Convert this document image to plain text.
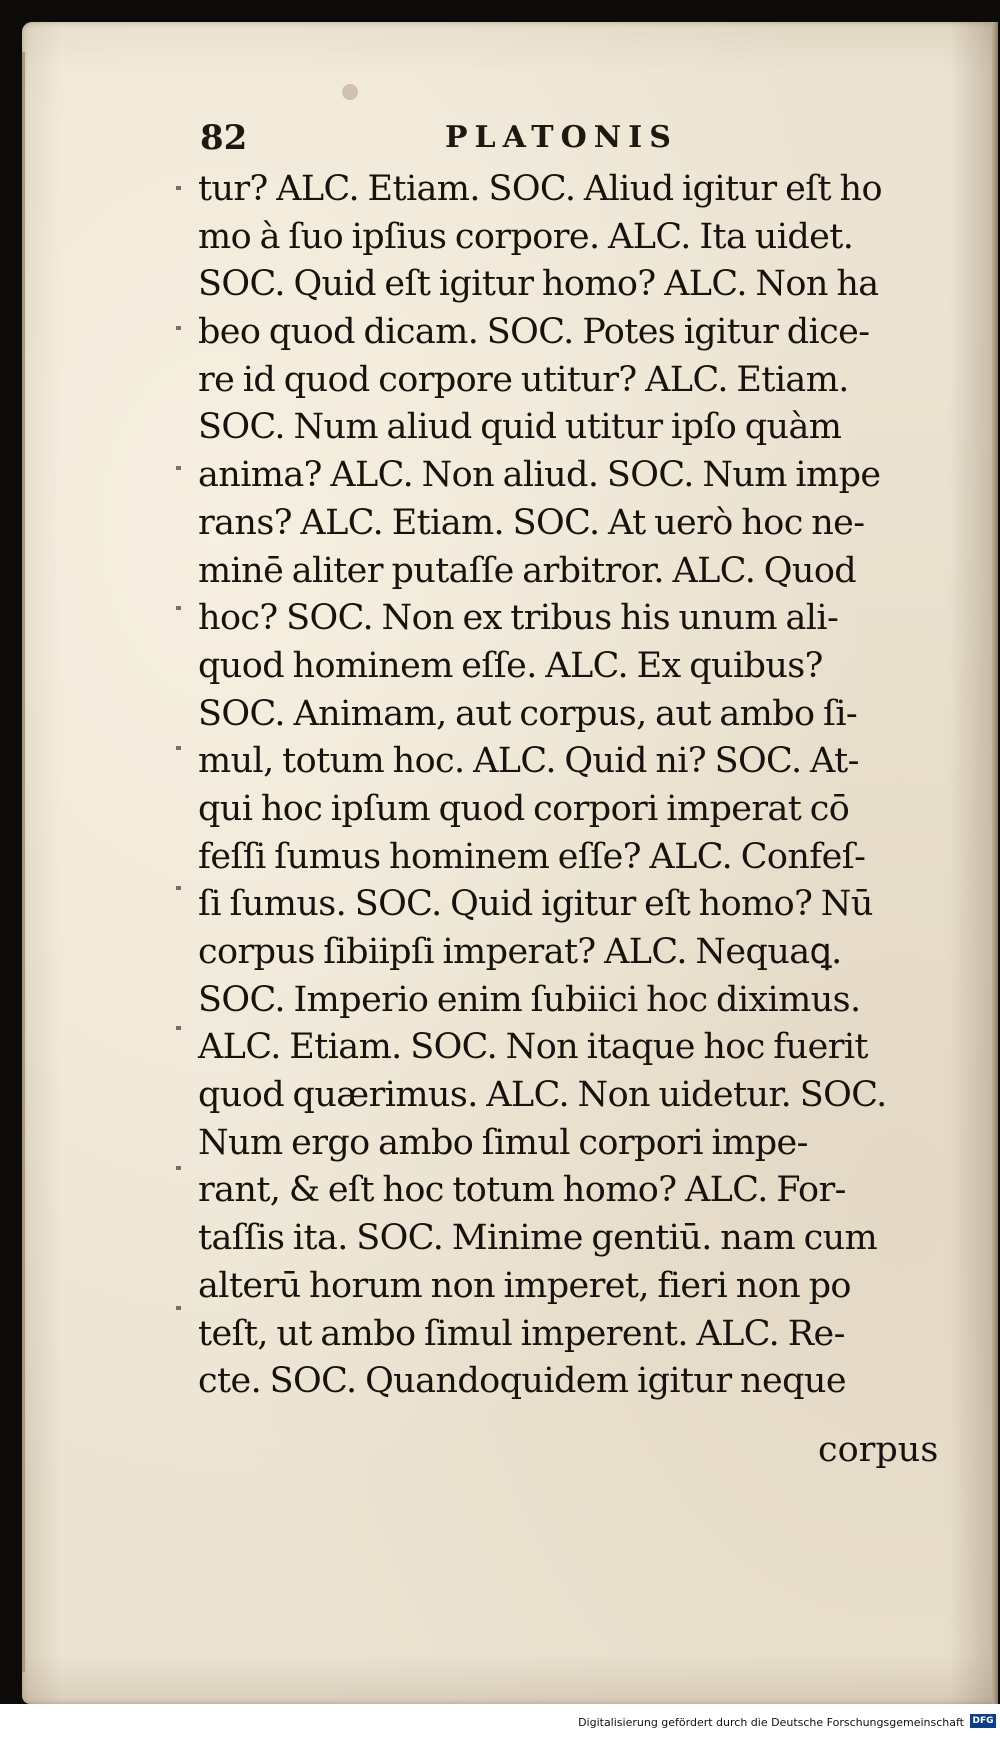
82	PLATONIS
tur? ALC. Etiam. SOC. Aliud igitur eſt ho
mo à ſuo ipſius corpore. ALC. Ita uidet.
SOC. Quid eſt igitur homo? ALC. Non ha
beo quod dicam. SOC. Potes igitur dice-
re id quod corpore utitur? ALC. Etiam.
SOC. Num aliud quid utitur ipſo quàm
anima? ALC. Non aliud. SOC. Num impe
rans? ALC. Etiam. SOC. At uerò hoc ne-
minē aliter putaſſe arbitror. ALC. Quod
hoc? SOC. Non ex tribus his unum ali-
quod hominem eſſe. ALC. Ex quibus?
SOC. Animam, aut corpus, aut ambo ſi-
mul, totum hoc. ALC. Quid ni? SOC. At-
qui hoc ipſum quod corpori imperat cō
feſſi ſumus hominem eſſe? ALC. Confeſ-
ſi ſumus. SOC. Quid igitur eſt homo? Nū
corpus ſibiipſi imperat? ALC. Nequaꝗ.
SOC. Imperio enim ſubiici hoc diximus.
ALC. Etiam. SOC. Non itaque hoc fuerit
quod quærimus. ALC. Non uidetur. SOC.
Num ergo ambo ſimul corpori impe-
rant, & eſt hoc totum homo? ALC. For-
taſſis ita. SOC. Minime gentiū. nam cum
alterū horum non imperet, fieri non po
teſt, ut ambo ſimul imperent. ALC. Re-
cte. SOC. Quandoquidem igitur neque
corpus
Digitalisierung gefördert durch die Deutsche Forschungsgemeinschaft DFG
